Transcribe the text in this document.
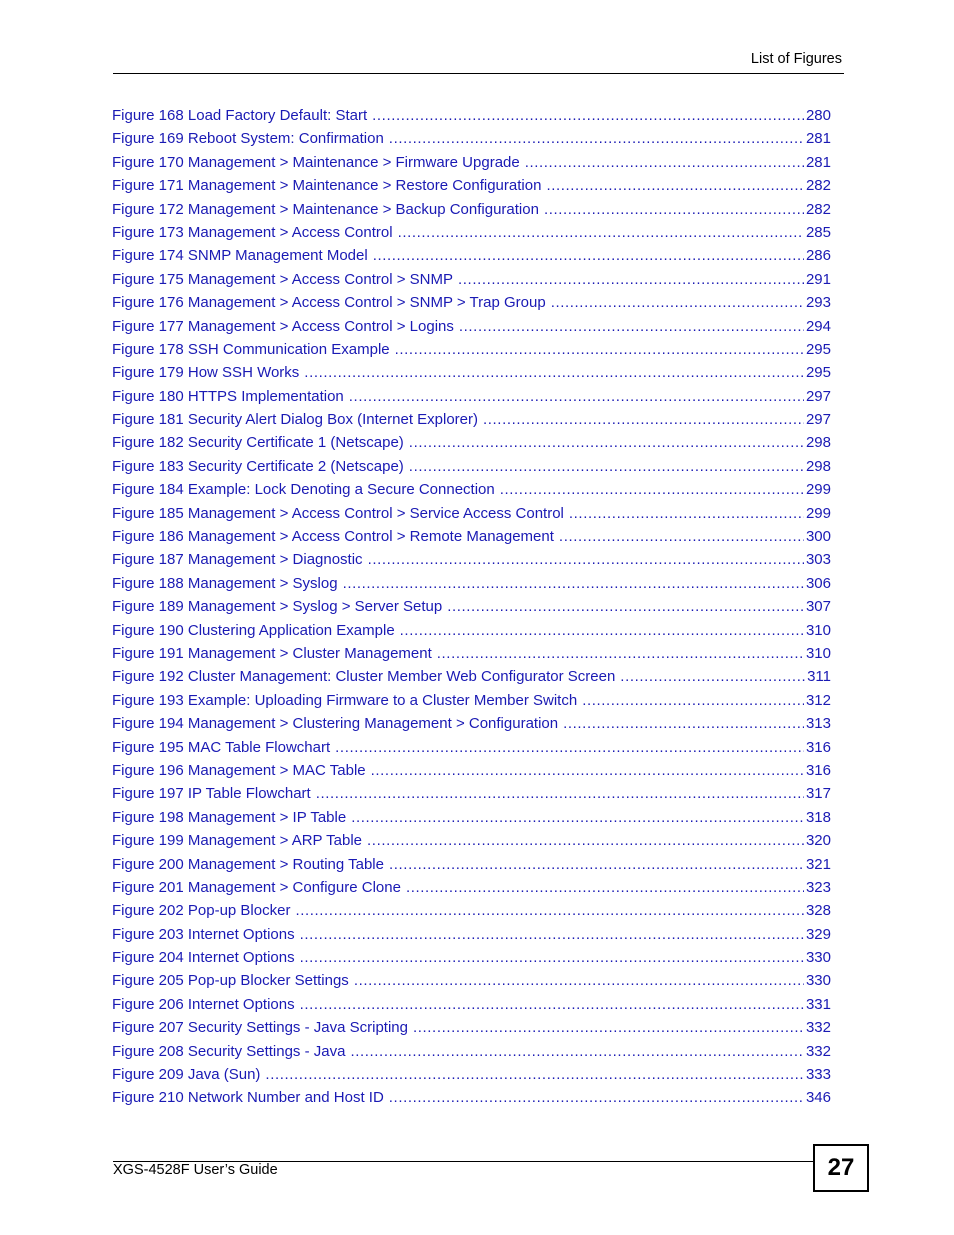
List of Figures
Figure 168 Load Factory Default: Start .....	280
Figure 169 Reboot System: Confirmation .....	281
Figure 170 Management > Maintenance > Firmware Upgrade .....	281
Figure 171 Management > Maintenance > Restore Configuration .....	282
Figure 172 Management > Maintenance > Backup Configuration .....	282
Figure 173 Management > Access Control .....	285
Figure 174 SNMP Management Model .....	286
Figure 175 Management > Access Control > SNMP .....	291
Figure 176 Management > Access Control > SNMP > Trap Group .....	293
Figure 177 Management > Access Control > Logins .....	294
Figure 178 SSH Communication Example .....	295
Figure 179 How SSH Works .....	295
Figure 180 HTTPS Implementation .....	297
Figure 181 Security Alert Dialog Box (Internet Explorer) .....	297
Figure 182 Security Certificate 1 (Netscape) .....	298
Figure 183 Security Certificate 2 (Netscape) .....	298
Figure 184 Example: Lock Denoting a Secure Connection .....	299
Figure 185 Management > Access Control > Service Access Control .....	299
Figure 186 Management > Access Control > Remote Management .....	300
Figure 187 Management > Diagnostic .....	303
Figure 188 Management > Syslog .....	306
Figure 189 Management > Syslog > Server Setup .....	307
Figure 190 Clustering Application Example .....	310
Figure 191 Management > Cluster Management .....	310
Figure 192 Cluster Management: Cluster Member Web Configurator Screen .....	311
Figure 193 Example: Uploading Firmware to a Cluster Member Switch .....	312
Figure 194 Management > Clustering Management > Configuration .....	313
Figure 195 MAC Table Flowchart .....	316
Figure 196 Management > MAC Table .....	316
Figure 197 IP Table Flowchart .....	317
Figure 198 Management > IP Table .....	318
Figure 199 Management > ARP Table .....	320
Figure 200 Management > Routing Table .....	321
Figure 201 Management > Configure Clone .....	323
Figure 202 Pop-up Blocker .....	328
Figure 203 Internet Options .....	329
Figure 204 Internet Options .....	330
Figure 205 Pop-up Blocker Settings .....	330
Figure 206 Internet Options .....	331
Figure 207 Security Settings - Java Scripting .....	332
Figure 208 Security Settings - Java .....	332
Figure 209 Java (Sun) .....	333
Figure 210 Network Number and Host ID .....	346
XGS-4528F User’s Guide	27
